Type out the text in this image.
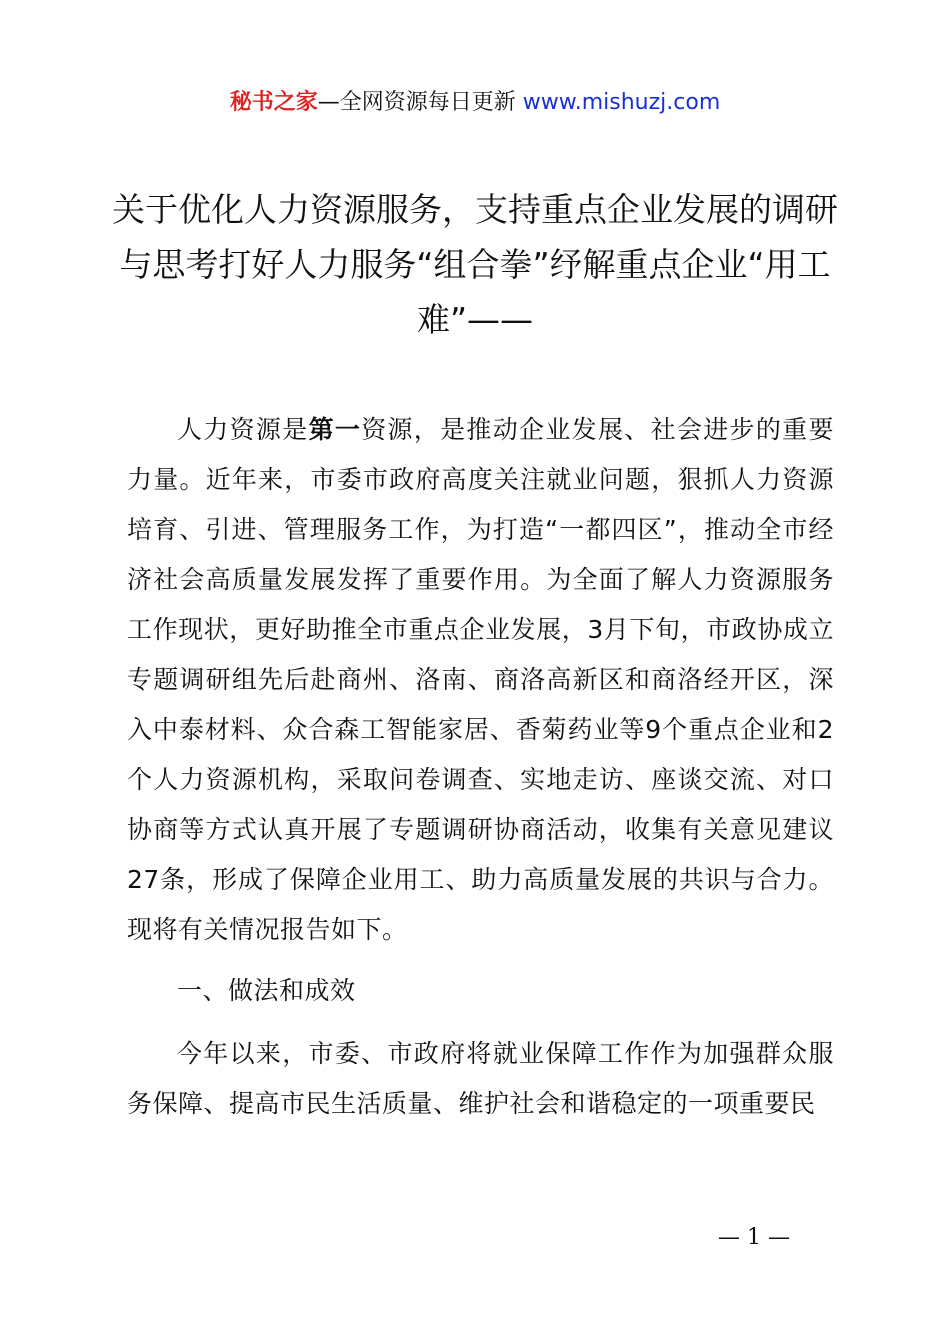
秘书之家—全网资源每日更新 www.mishuzj.com
关于优化人力资源服务，支持重点企业发展的调研与思考打好人力服务“组合拳”纾解重点企业“用工难”——
人力资源是第一资源，是推动企业发展、社会进步的重要力量。近年来，市委市政府高度关注就业问题，狠抓人力资源培育、引进、管理服务工作，为打造“一都四区”，推动全市经济社会高质量发展发挥了重要作用。为全面了解人力资源服务工作现状，更好助推全市重点企业发展，3月下旬，市政协成立专题调研组先后赴商州、洛南、商洛高新区和商洛经开区，深入中泰材料、众合森工智能家居、香菊药业等9个重点企业和2个人力资源机构，采取问卷调查、实地走访、座谈交流、对口协商等方式认真开展了专题调研协商活动，收集有关意见建议27条，形成了保障企业用工、助力高质量发展的共识与合力。现将有关情况报告如下。
一、做法和成效
今年以来，市委、市政府将就业保障工作作为加强群众服务保障、提高市民生活质量、维护社会和谐稳定的一项重要民
— 1 —
